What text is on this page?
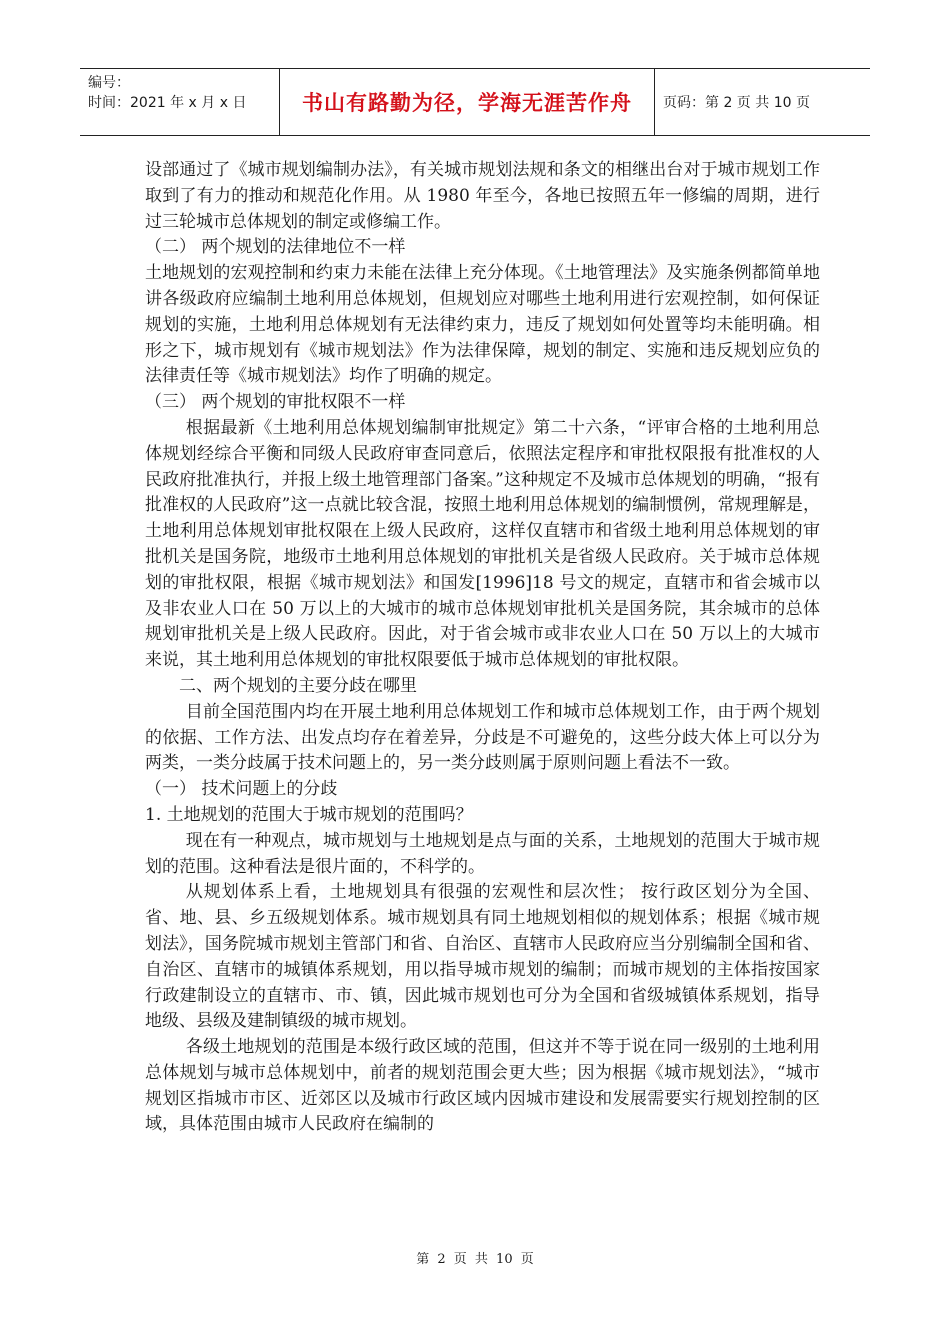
编号：
时间：2021 年 x 月 x 日	书山有路勤为径，学海无涯苦作舟	页码：第 2 页 共 10 页

设部通过了《城市规划编制办法》，有关城市规划法规和条文的相继出台对于城市规划工作取到了有力的推动和规范化作用。从 1980 年至今，各地已按照五年一修编的周期，进行过三轮城市总体规划的制定或修编工作。

（二） 两个规划的法律地位不一样

土地规划的宏观控制和约束力未能在法律上充分体现。《土地管理法》及实施条例都简单地讲各级政府应编制土地利用总体规划，但规划应对哪些土地利用进行宏观控制，如何保证规划的实施，土地利用总体规划有无法律约束力，违反了规划如何处置等均未能明确。相形之下，城市规划有《城市规划法》作为法律保障，规划的制定、实施和违反规划应负的法律责任等《城市规划法》均作了明确的规定。

（三） 两个规划的审批权限不一样

根据最新《土地利用总体规划编制审批规定》第二十六条，“评审合格的土地利用总体规划经综合平衡和同级人民政府审查同意后，依照法定程序和审批权限报有批准权的人民政府批准执行，并报上级土地管理部门备案。”这种规定不及城市总体规划的明确，“报有批准权的人民政府”这一点就比较含混，按照土地利用总体规划的编制惯例，常规理解是，土地利用总体规划审批权限在上级人民政府，这样仅直辖市和省级土地利用总体规划的审批机关是国务院，地级市土地利用总体规划的审批机关是省级人民政府。关于城市总体规划的审批权限，根据《城市规划法》和国发[1996]18 号文的规定，直辖市和省会城市以及非农业人口在 50 万以上的大城市的城市总体规划审批机关是国务院，其余城市的总体规划审批机关是上级人民政府。因此，对于省会城市或非农业人口在 50 万以上的大城市来说，其土地利用总体规划的审批权限要低于城市总体规划的审批权限。

二、两个规划的主要分歧在哪里

目前全国范围内均在开展土地利用总体规划工作和城市总体规划工作，由于两个规划的依据、工作方法、出发点均存在着差异，分歧是不可避免的，这些分歧大体上可以分为两类，一类分歧属于技术问题上的，另一类分歧则属于原则问题上看法不一致。

（一） 技术问题上的分歧

1. 土地规划的范围大于城市规划的范围吗？

现在有一种观点，城市规划与土地规划是点与面的关系，土地规划的范围大于城市规划的范围。这种看法是很片面的，不科学的。

从规划体系上看，土地规划具有很强的宏观性和层次性； 按行政区划分为全国、省、地、县、乡五级规划体系。城市规划具有同土地规划相似的规划体系；根据《城市规划法》，国务院城市规划主管部门和省、自治区、直辖市人民政府应当分别编制全国和省、自治区、直辖市的城镇体系规划，用以指导城市规划的编制；而城市规划的主体指按国家行政建制设立的直辖市、市、镇，因此城市规划也可分为全国和省级城镇体系规划，指导地级、县级及建制镇级的城市规划。

各级土地规划的范围是本级行政区域的范围，但这并不等于说在同一级别的土地利用总体规划与城市总体规划中，前者的规划范围会更大些；因为根据《城市规划法》，“城市规划区指城市市区、近郊区以及城市行政区域内因城市建设和发展需要实行规划控制的区域，具体范围由城市人民政府在编制的

第 2 页 共 10 页
